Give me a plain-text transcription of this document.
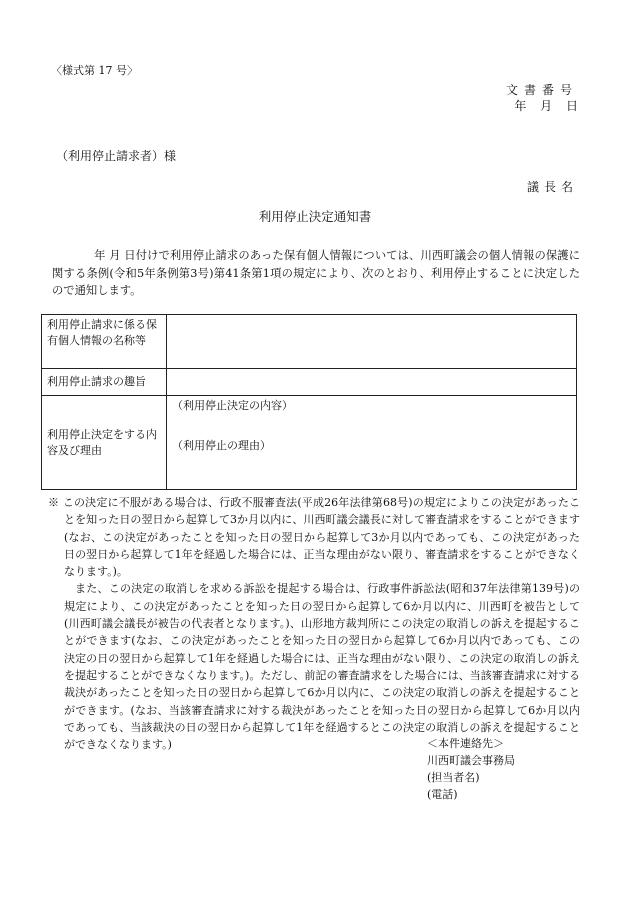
〈様式第 17 号〉
文書番号
年 月 日
（利用停止請求者）様
議長名
利用停止決定通知書
年 月 日付けで利用停止請求のあった保有個人情報については、川西町議会の個人情報の保護に関する条例(令和5年条例第3号)第41条第1項の規定により、次のとおり、利用停止することに決定したので通知します。
利用停止請求に係る保有個人情報の名称等	
利用停止請求の趣旨	
利用停止決定をする内容及び理由	（利用停止決定の内容）
（利用停止の理由）

※ この決定に不服がある場合は、行政不服審査法(平成26年法律第68号)の規定によりこの決定があったことを知った日の翌日から起算して3か月以内に、川西町議会議長に対して審査請求をすることができます(なお、この決定があったことを知った日の翌日から起算して3か月以内であっても、この決定があった日の翌日から起算して1年を経過した場合には、正当な理由がない限り、審査請求をすることができなくなります。)。

また、この決定の取消しを求める訴訟を提起する場合は、行政事件訴訟法(昭和37年法律第139号)の規定により、この決定があったことを知った日の翌日から起算して6か月以内に、川西町を被告として(川西町議会議長が被告の代表者となります。)、山形地方裁判所にこの決定の取消しの訴えを提起することができます(なお、この決定があったことを知った日の翌日から起算して6か月以内であっても、この決定の日の翌日から起算して1年を経過した場合には、正当な理由がない限り、この決定の取消しの訴えを提起することができなくなります。)。ただし、前記の審査請求をした場合には、当該審査請求に対する裁決があったことを知った日の翌日から起算して6か月以内に、この決定の取消しの訴えを提起することができます。(なお、当該審査請求に対する裁決があったことを知った日の翌日から起算して6か月以内であっても、当該裁決の日の翌日から起算して1年を経過するとこの決定の取消しの訴えを提起することができなくなります。)	＜本件連絡先＞
川西町議会事務局
(担当者名)
(電話)
